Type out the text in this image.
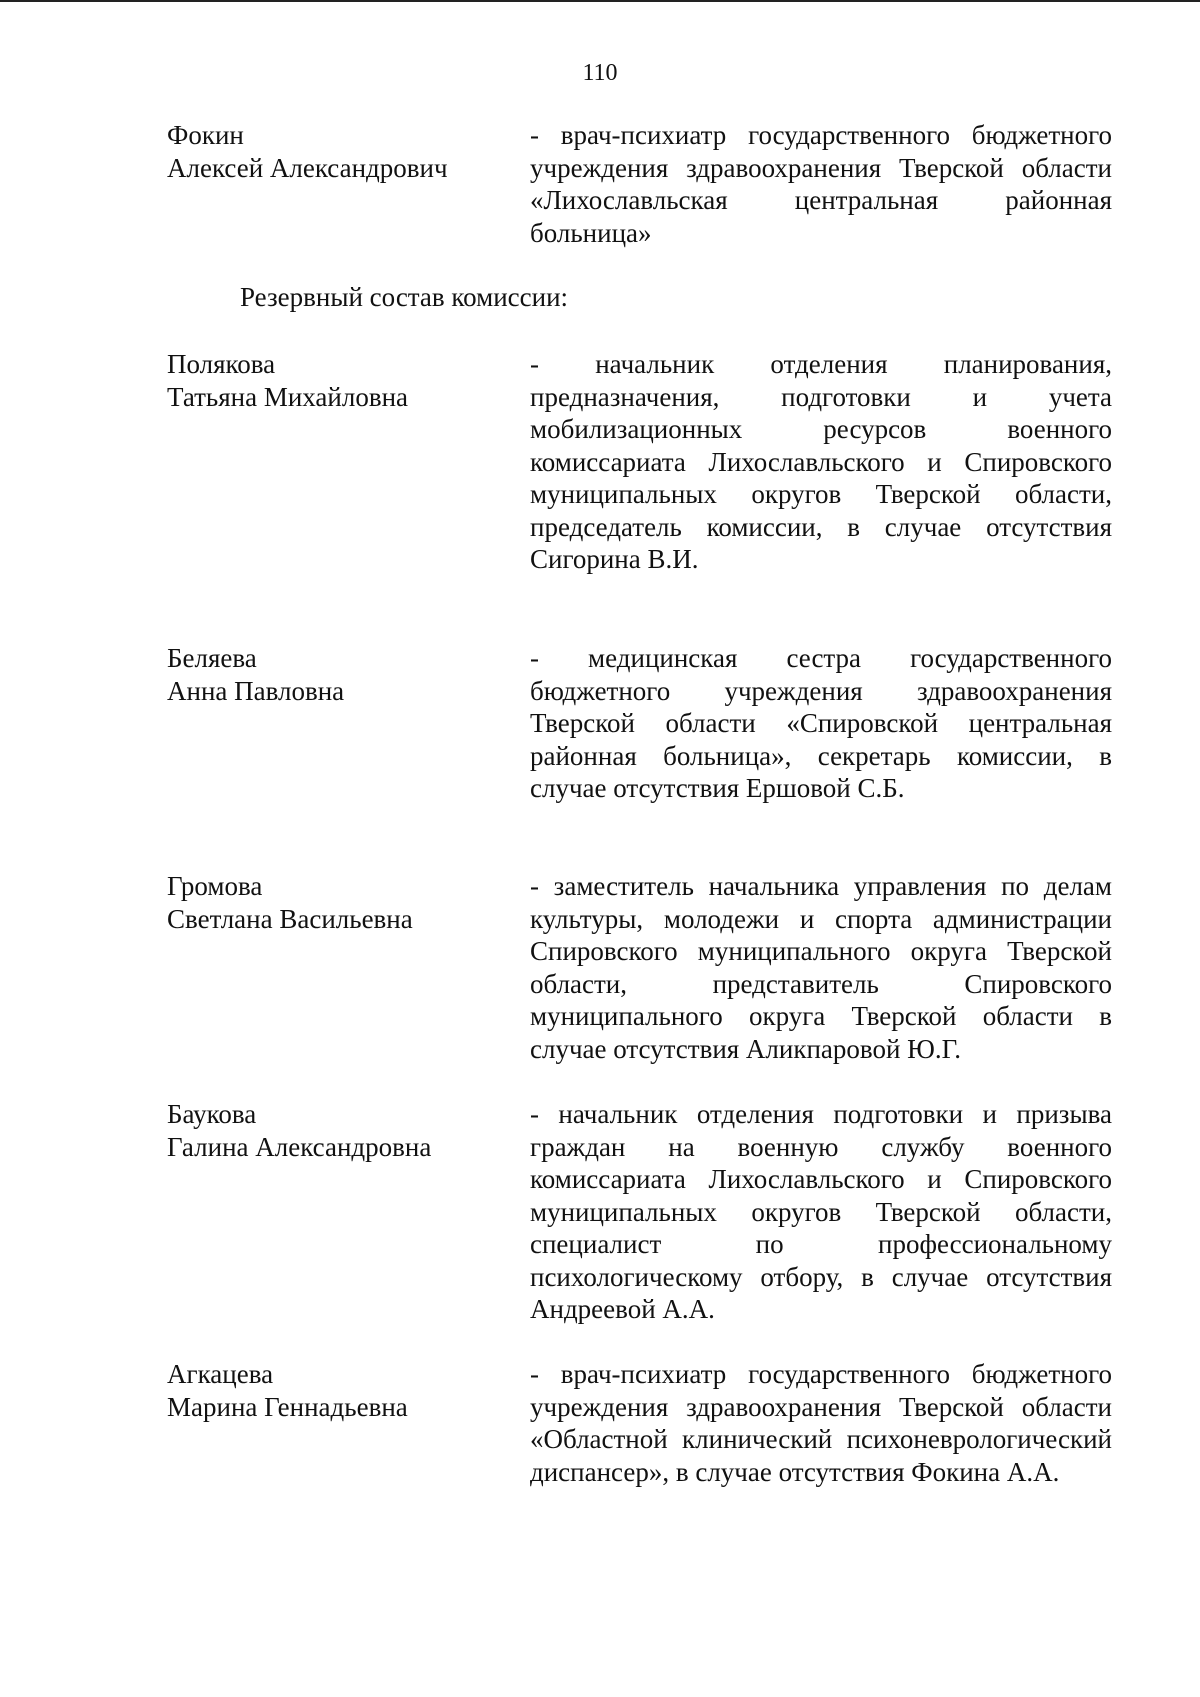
110
Фокин
Алексей Александрович
- врач-психиатр государственного бюджетного учреждения здравоохранения Тверской области «Лихославльская центральная районная больница»
Резервный состав комиссии:
Полякова
Татьяна Михайловна
- начальник отделения планирования, предназначения, подготовки и учета мобилизационных ресурсов военного комиссариата Лихославльского и Спировского муниципальных округов Тверской области, председатель комиссии, в случае отсутствия Сигорина В.И.
Беляева
Анна Павловна
- медицинская сестра государственного бюджетного учреждения здравоохранения Тверской области «Спировской центральная районная больница», секретарь комиссии, в случае отсутствия Ершовой С.Б.
Громова
Светлана Васильевна
- заместитель начальника управления по делам культуры, молодежи и спорта администрации Спировского муниципального округа Тверской области, представитель Спировского муниципального округа Тверской области в случае отсутствия Аликпаровой Ю.Г.
Баукова
Галина Александровна
- начальник отделения подготовки и призыва граждан на военную службу военного комиссариата Лихославльского и Спировского муниципальных округов Тверской области, специалист по профессиональному психологическому отбору, в случае отсутствия Андреевой А.А.
Агкацева
Марина Геннадьевна
- врач-психиатр государственного бюджетного учреждения здравоохранения Тверской области «Областной клинический психоневрологический диспансер», в случае отсутствия Фокина А.А.
